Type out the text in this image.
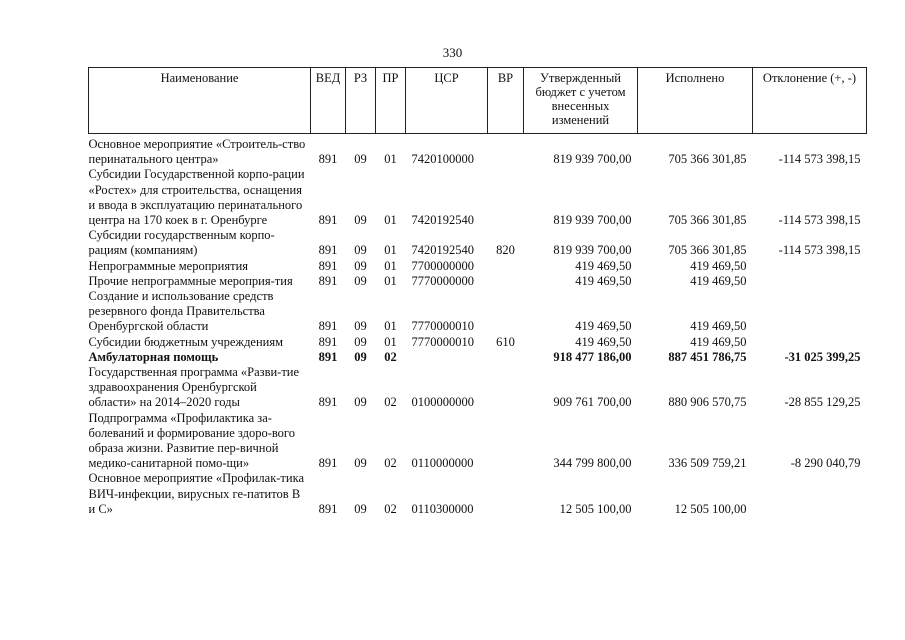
330
Наименование	ВЕД	РЗ	ПР	ЦСР	ВР	Утвержденный бюджет с учетом внесенных изменений	Исполнено	Отклонение (+, -)
Основное мероприятие «Строитель-ство перинатального центра»	891	09	01	7420100000		819 939 700,00	705 366 301,85	-114 573 398,15
Субсидии Государственной корпо-рации «Ростех» для строительства, оснащения и ввода в эксплуатацию перинатального центра на 170 коек в г. Оренбурге	891	09	01	7420192540		819 939 700,00	705 366 301,85	-114 573 398,15
Субсидии государственным корпо-рациям (компаниям)	891	09	01	7420192540	820	819 939 700,00	705 366 301,85	-114 573 398,15
Непрограммные мероприятия	891	09	01	7700000000		419 469,50	419 469,50	
Прочие непрограммные мероприя-тия	891	09	01	7770000000		419 469,50	419 469,50	
Создание и использование средств резервного фонда Правительства Оренбургской области	891	09	01	7770000010		419 469,50	419 469,50	
Субсидии бюджетным учреждениям	891	09	01	7770000010	610	419 469,50	419 469,50	
Амбулаторная помощь	891	09	02			918 477 186,00	887 451 786,75	-31 025 399,25
Государственная программа «Разви-тие здравоохранения Оренбургской области» на 2014–2020 годы	891	09	02	0100000000		909 761 700,00	880 906 570,75	-28 855 129,25
Подпрограмма «Профилактика за-болеваний и формирование здоро-вого образа жизни. Развитие пер-вичной медико-санитарной помо-щи»	891	09	02	0110000000		344 799 800,00	336 509 759,21	-8 290 040,79
Основное мероприятие «Профилак-тика ВИЧ-инфекции, вирусных ге-патитов В и С»	891	09	02	0110300000		12 505 100,00	12 505 100,00	
